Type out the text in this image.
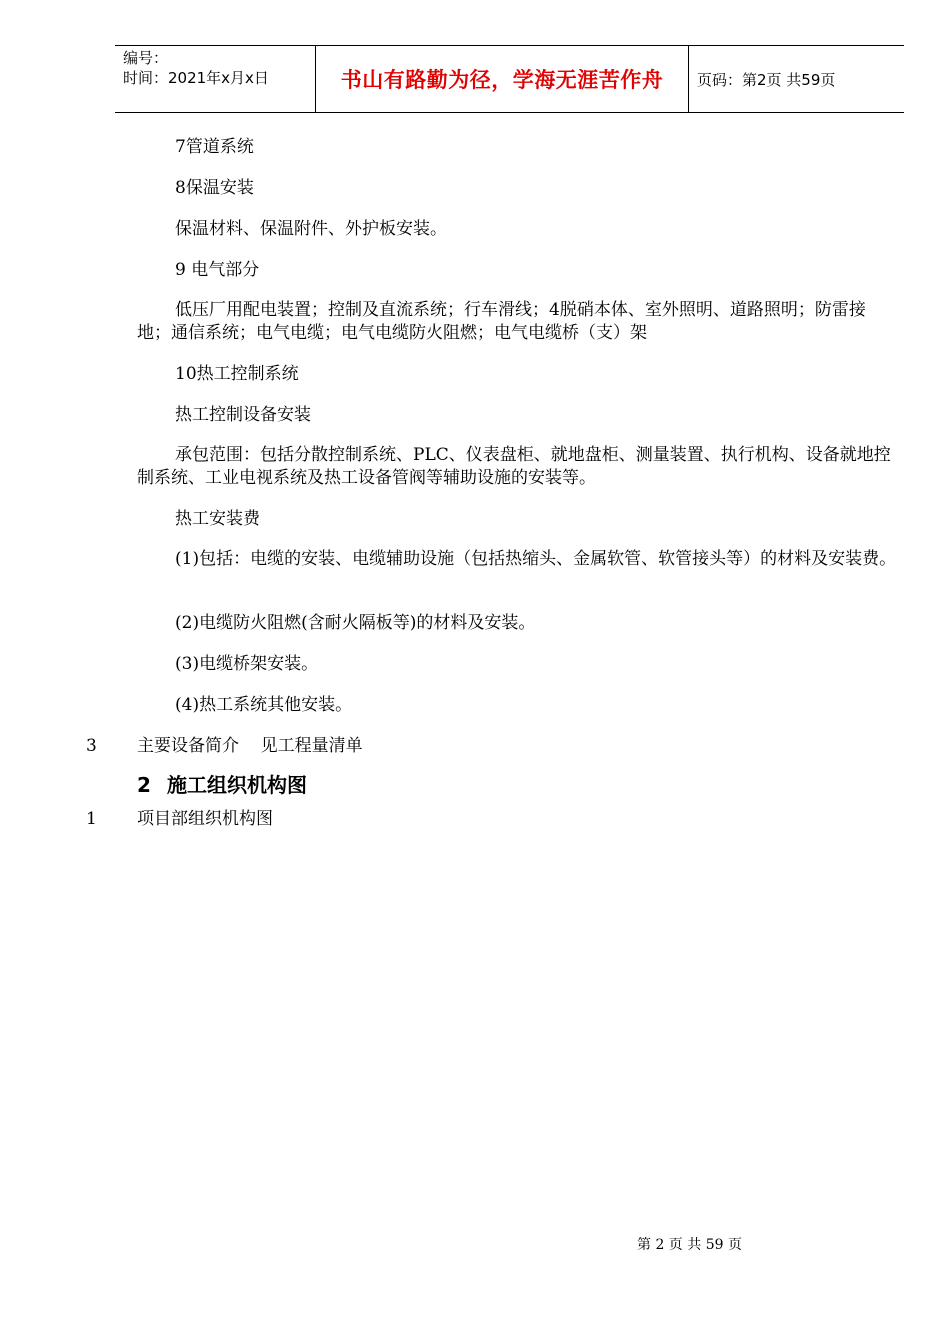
编号：
时间：2021年x月x日	书山有路勤为径，学海无涯苦作舟 页码：第2页 共59页
7管道系统
8保温安装
保温材料、保温附件、外护板安装。
9 电气部分
低压厂用配电装置；控制及直流系统；行车滑线；4脱硝本体、室外照明、道路照明；防雷接地；通信系统；电气电缆；电气电缆防火阻燃；电气电缆桥（支）架
10热工控制系统
热工控制设备安装
承包范围：包括分散控制系统、PLC、仪表盘柜、就地盘柜、测量装置、执行机构、设备就地控制系统、工业电视系统及热工设备管阀等辅助设施的安装等。
热工安装费
(1)包括：电缆的安装、电缆辅助设施（包括热缩头、金属软管、软管接头等）的材料及安装费。
(2)电缆防火阻燃(含耐火隔板等)的材料及安装。
(3)电缆桥架安装。
(4)热工系统其他安装。
3 主要设备简介    见工程量清单
2 施工组织机构图
1 项目部组织机构图
第 2 页 共 59 页
